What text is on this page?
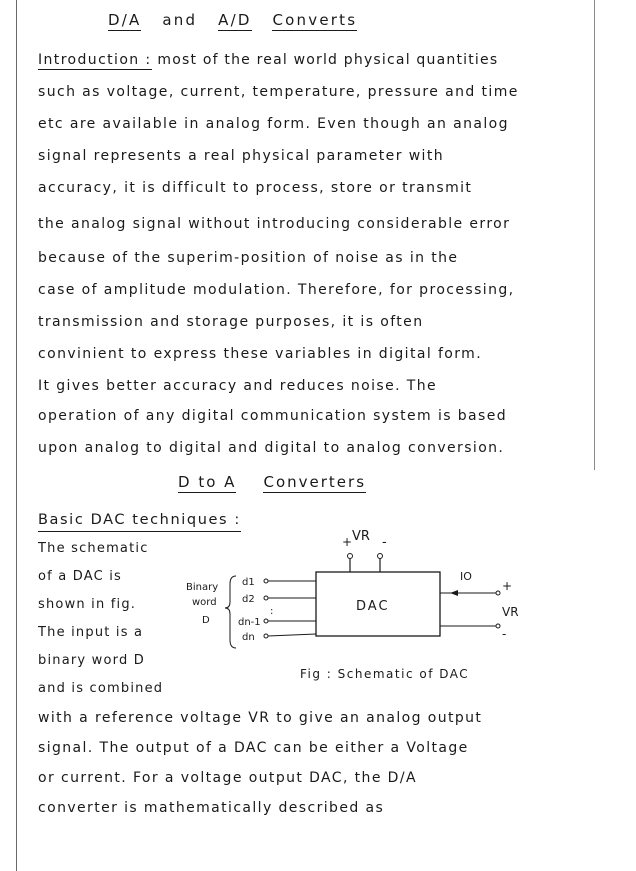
D/A and A/D Converts
Introduction : most of the real world physical quantities
such as voltage, current, temperature, pressure and time
etc are available in analog form. Even though an analog
signal represents a real physical parameter with
accuracy, it is difficult to process, store or transmit
the analog signal without introducing considerable error
because of the superim-position of noise as in the
case of amplitude modulation. Therefore, for processing,
transmission and storage purposes, it is often
convinient to express these variables in digital form.
It gives better accuracy and reduces noise. The
operation of any digital communication system is based
upon analog to digital and digital to analog conversion.
D to A Converters
Basic DAC techniques :
The schematic
of a DAC is
shown in fig.
The input is a
binary word D
and is combined
+ VR -
DAC
Binary
word
D
d1
d2
:
dn-1
dn
IO
+
VR
-
Fig : Schematic of DAC
with a reference voltage VR to give an analog output
signal. The output of a DAC can be either a Voltage
or current. For a voltage output DAC, the D/A
converter is mathematically described as
